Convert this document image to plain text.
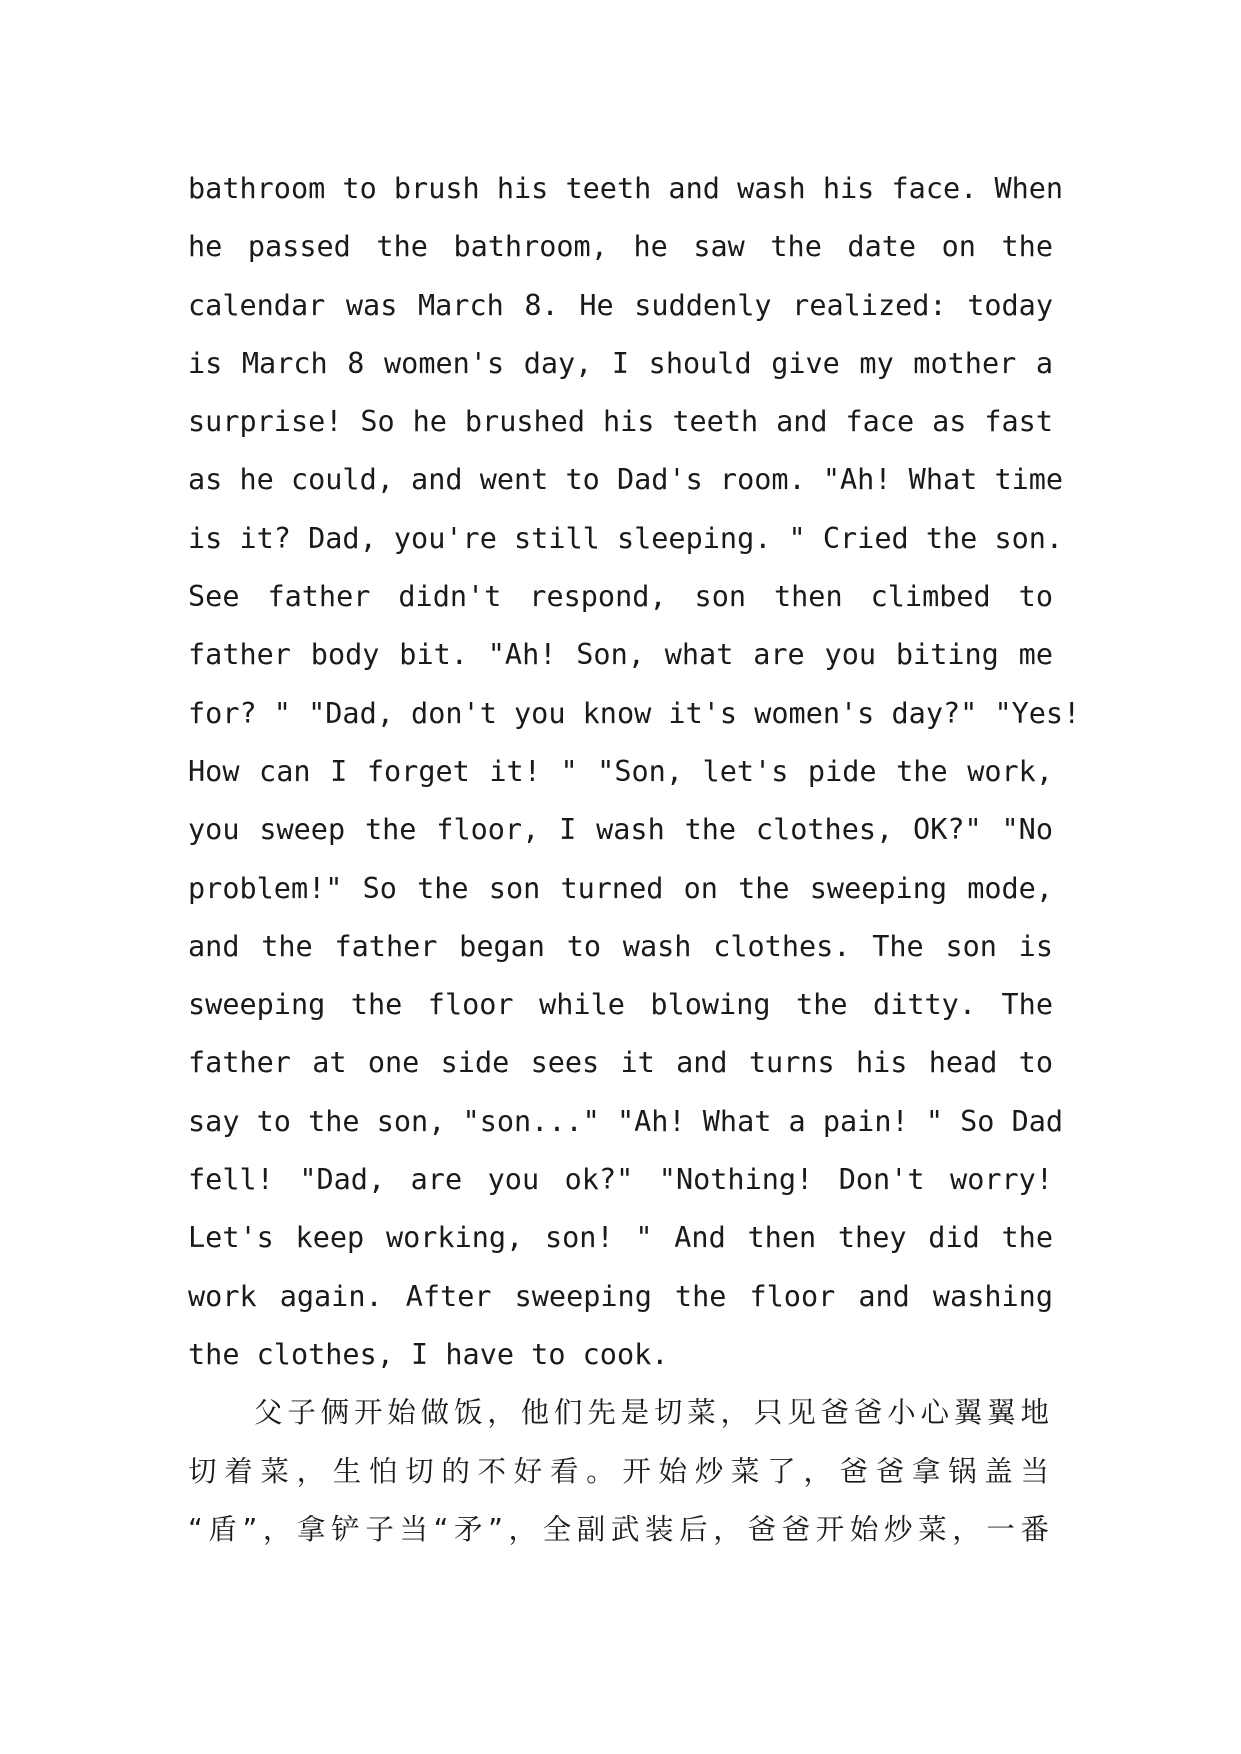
bathroom to brush his teeth and wash his face. When
he passed the bathroom, he saw the date on the
calendar was March 8. He suddenly realized: today
is March 8 women's day, I should give my mother a
surprise! So he brushed his teeth and face as fast
as he could, and went to Dad's room. "Ah! What time
is it? Dad, you're still sleeping. " Cried the son.
See father didn't respond, son then climbed to
father body bit. "Ah! Son, what are you biting me
for? " "Dad, don't you know it's women's day?" "Yes!
How can I forget it! " "Son, let's pide the work,
you sweep the floor, I wash the clothes, OK?" "No
problem!" So the son turned on the sweeping mode,
and the father began to wash clothes. The son is
sweeping the floor while blowing the ditty. The
father at one side sees it and turns his head to
say to the son, "son..." "Ah! What a pain! " So Dad
fell! "Dad, are you ok?" "Nothing! Don't worry!
Let's keep working, son! " And then they did the
work again. After sweeping the floor and washing
the clothes, I have to cook.
父子俩开始做饭，他们先是切菜，只见爸爸小心翼翼地
切着菜，生怕切的不好看。开始炒菜了，爸爸拿锅盖当
“盾”，拿铲子当“矛”，全副武装后，爸爸开始炒菜，一番
